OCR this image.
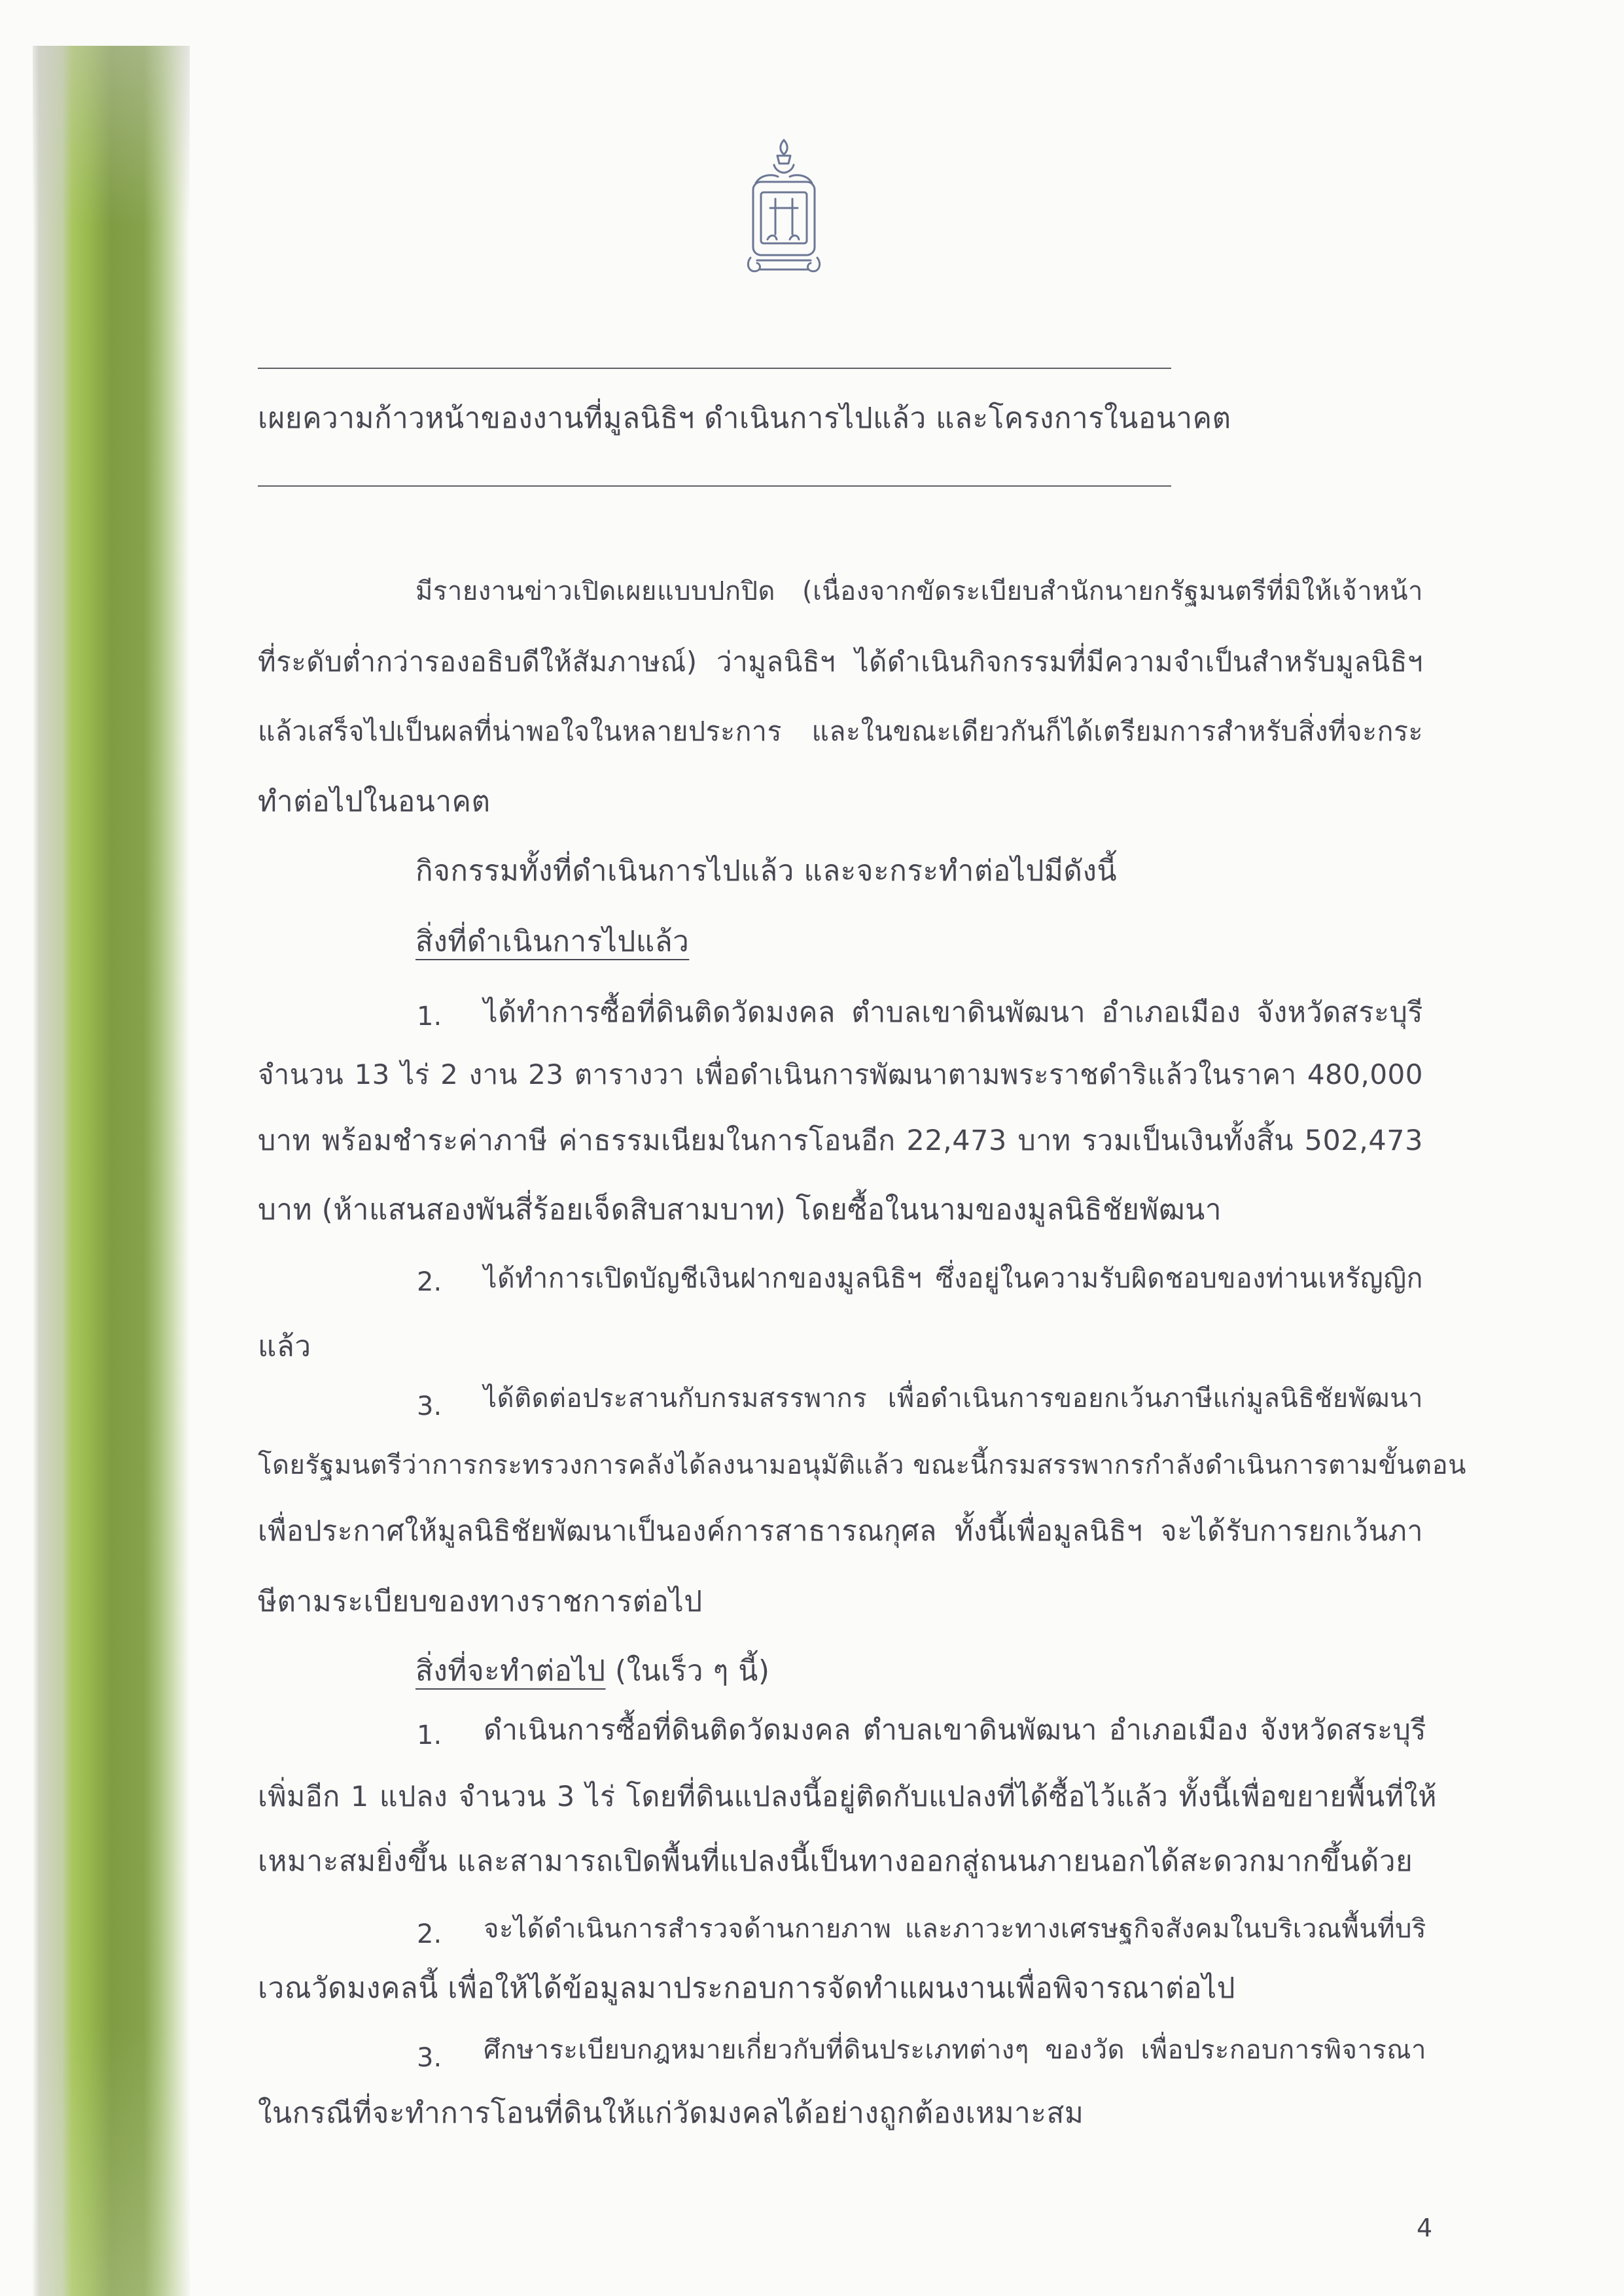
เผยความก้าวหน้าของงานที่มูลนิธิฯ ดำเนินการไปแล้ว และโครงการในอนาคต
มีรายงานข่าวเปิดเผยแบบปกปิด (เนื่องจากขัดระเบียบสำนักนายกรัฐมนตรีที่มิให้เจ้าหน้า
ที่ระดับต่ำกว่ารองอธิบดีให้สัมภาษณ์) ว่ามูลนิธิฯ ได้ดำเนินกิจกรรมที่มีความจำเป็นสำหรับมูลนิธิฯ
แล้วเสร็จไปเป็นผลที่น่าพอใจในหลายประการ และในขณะเดียวกันก็ได้เตรียมการสำหรับสิ่งที่จะกระ
ทำต่อไปในอนาคต
กิจกรรมทั้งที่ดำเนินการไปแล้ว และจะกระทำต่อไปมีดังนี้
สิ่งที่ดำเนินการไปแล้ว
1. ได้ทำการซื้อที่ดินติดวัดมงคล ตำบลเขาดินพัฒนา อำเภอเมือง จังหวัดสระบุรี
จำนวน 13 ไร่ 2 งาน 23 ตารางวา เพื่อดำเนินการพัฒนาตามพระราชดำริแล้วในราคา 480,000
บาท พร้อมชำระค่าภาษี ค่าธรรมเนียมในการโอนอีก 22,473 บาท รวมเป็นเงินทั้งสิ้น 502,473
บาท (ห้าแสนสองพันสี่ร้อยเจ็ดสิบสามบาท) โดยซื้อในนามของมูลนิธิชัยพัฒนา
2. ได้ทำการเปิดบัญชีเงินฝากของมูลนิธิฯ ซึ่งอยู่ในความรับผิดชอบของท่านเหรัญญิก
แล้ว
3. ได้ติดต่อประสานกับกรมสรรพากร เพื่อดำเนินการขอยกเว้นภาษีแก่มูลนิธิชัยพัฒนา
โดยรัฐมนตรีว่าการกระทรวงการคลังได้ลงนามอนุมัติแล้ว ขณะนี้กรมสรรพากรกำลังดำเนินการตามขั้นตอน
เพื่อประกาศให้มูลนิธิชัยพัฒนาเป็นองค์การสาธารณกุศล ทั้งนี้เพื่อมูลนิธิฯ จะได้รับการยกเว้นภา
ษีตามระเบียบของทางราชการต่อไป
สิ่งที่จะทำต่อไป (ในเร็ว ๆ นี้)
1. ดำเนินการซื้อที่ดินติดวัดมงคล ตำบลเขาดินพัฒนา อำเภอเมือง จังหวัดสระบุรี
เพิ่มอีก 1 แปลง จำนวน 3 ไร่ โดยที่ดินแปลงนี้อยู่ติดกับแปลงที่ได้ซื้อไว้แล้ว ทั้งนี้เพื่อขยายพื้นที่ให้
เหมาะสมยิ่งขึ้น และสามารถเปิดพื้นที่แปลงนี้เป็นทางออกสู่ถนนภายนอกได้สะดวกมากขึ้นด้วย
2. จะได้ดำเนินการสำรวจด้านกายภาพ และภาวะทางเศรษฐกิจสังคมในบริเวณพื้นที่บริ
เวณวัดมงคลนี้ เพื่อให้ได้ข้อมูลมาประกอบการจัดทำแผนงานเพื่อพิจารณาต่อไป
3. ศึกษาระเบียบกฎหมายเกี่ยวกับที่ดินประเภทต่างๆ ของวัด เพื่อประกอบการพิจารณา
ในกรณีที่จะทำการโอนที่ดินให้แก่วัดมงคลได้อย่างถูกต้องเหมาะสม
4
